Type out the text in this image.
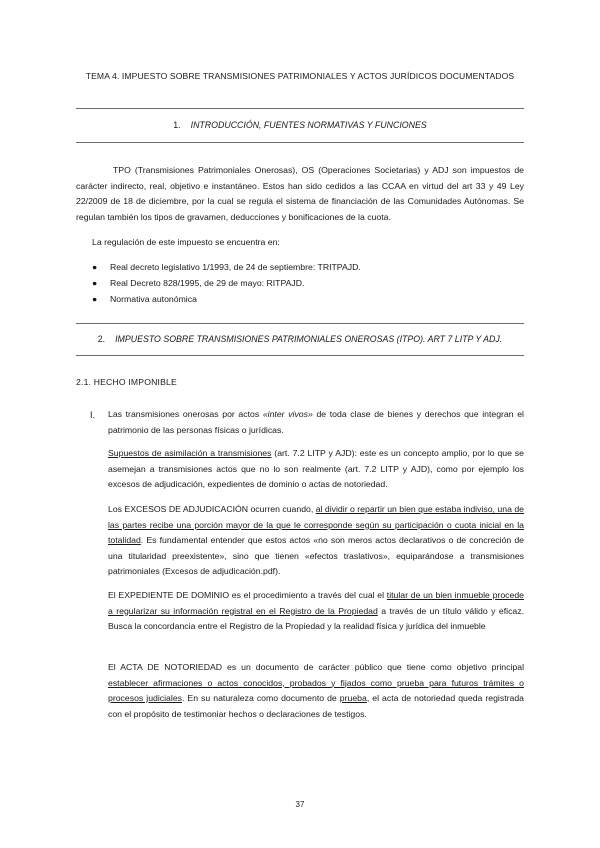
TEMA 4. IMPUESTO SOBRE TRANSMISIONES PATRIMONIALES Y ACTOS JURÍDICOS DOCUMENTADOS
1. INTRODUCCIÓN, FUENTES NORMATIVAS Y FUNCIONES
TPO (Transmisiones Patrimoniales Onerosas), OS (Operaciones Societarias) y ADJ son impuestos de carácter indirecto, real, objetivo e instantáneo. Estos han sido cedidos a las CCAA en virtud del art 33 y 49 Ley 22/2009 de 18 de diciembre, por la cual se regula el sistema de financiación de las Comunidades Autónomas. Se regulan también los tipos de gravamen, deducciones y bonificaciones de la cuota.
La regulación de este impuesto se encuentra en:
● Real decreto legislativo 1/1993, de 24 de septiembre: TRITPAJD.
● Real Decreto 828/1995, de 29 de mayo: RITPAJD.
● Normativa autonómica
2. IMPUESTO SOBRE TRANSMISIONES PATRIMONIALES ONEROSAS (ITPO). ART 7 LITP Y ADJ.
2.1. HECHO IMPONIBLE
I. Las transmisiones onerosas por actos «inter vivos» de toda clase de bienes y derechos que integran el patrimonio de las personas físicas o jurídicas.
Supuestos de asimilación a transmisiones (art. 7.2 LITP y AJD): este es un concepto amplio, por lo que se asemejan a transmisiones actos que no lo son realmente (art. 7.2 LITP y AJD), como por ejemplo los excesos de adjudicación, expedientes de dominio o actas de notoriedad.
Los EXCESOS DE ADJUDICACIÓN ocurren cuando, al dividir o repartir un bien que estaba indiviso, una de las partes recibe una porción mayor de la que le corresponde según su participación o cuota inicial en la totalidad. Es fundamental entender que estos actos «no son meros actos declarativos o de concreción de una titularidad preexistente», sino que tienen «efectos traslativos», equiparándose a transmisiones patrimoniales (Excesos de adjudicación.pdf).
El EXPEDIENTE DE DOMINIO es el procedimiento a través del cual el titular de un bien inmueble procede a regularizar su información registral en el Registro de la Propiedad a través de un título válido y eficaz. Busca la concordancia entre el Registro de la Propiedad y la realidad física y jurídica del inmueble
El ACTA DE NOTORIEDAD es un documento de carácter público que tiene como objetivo principal establecer afirmaciones o actos conocidos, probados y fijados como prueba para futuros trámites o procesos judiciales. En su naturaleza como documento de prueba, el acta de notoriedad queda registrada con el propósito de testimoniar hechos o declaraciones de testigos.
37
